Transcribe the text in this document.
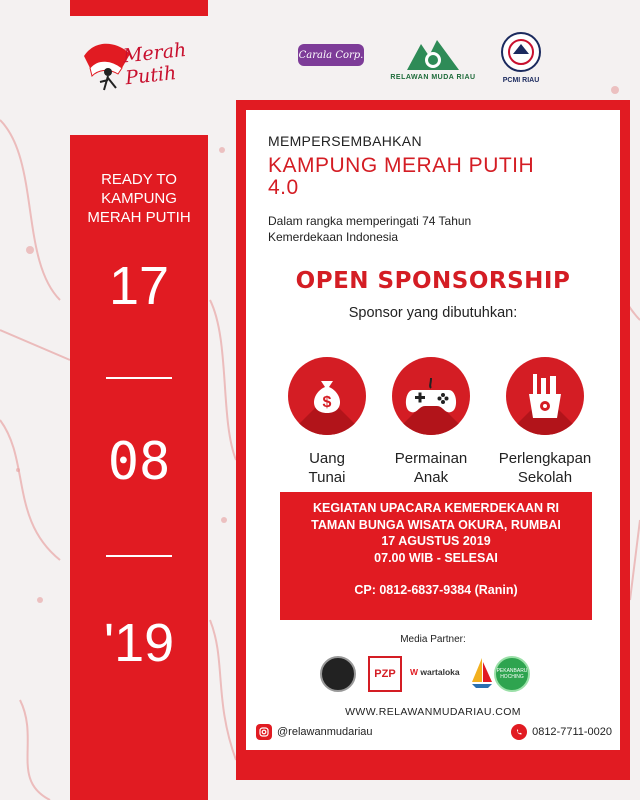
Merah Putih
Carala Corp.
RELAWAN MUDA RIAU	PCMI RIAU
READY TO
KAMPUNG
MERAH PUTIH
17
08
'19
MEMPERSEMBAHKAN
KAMPUNG MERAH PUTIH
4.0
Dalam rangka memperingati 74 Tahun
Kemerdekaan Indonesia
OPEN SPONSORSHIP
Sponsor yang dibutuhkan:
$
Uang
Tunai
Permainan
Anak
Perlengkapan
Sekolah
KEGIATAN UPACARA KEMERDEKAAN RI
TAMAN BUNGA WISATA OKURA, RUMBAI
17 AGUSTUS 2019
07.00 WIB - SELESAI
CP: 0812-6837-9384 (Ranin)
Media Partner:
PZP	W wartaloka	PEKANBARU HOCHING
WWW.RELAWANMUDARIAU.COM
@relawanmudariau	0812-7711-0020
